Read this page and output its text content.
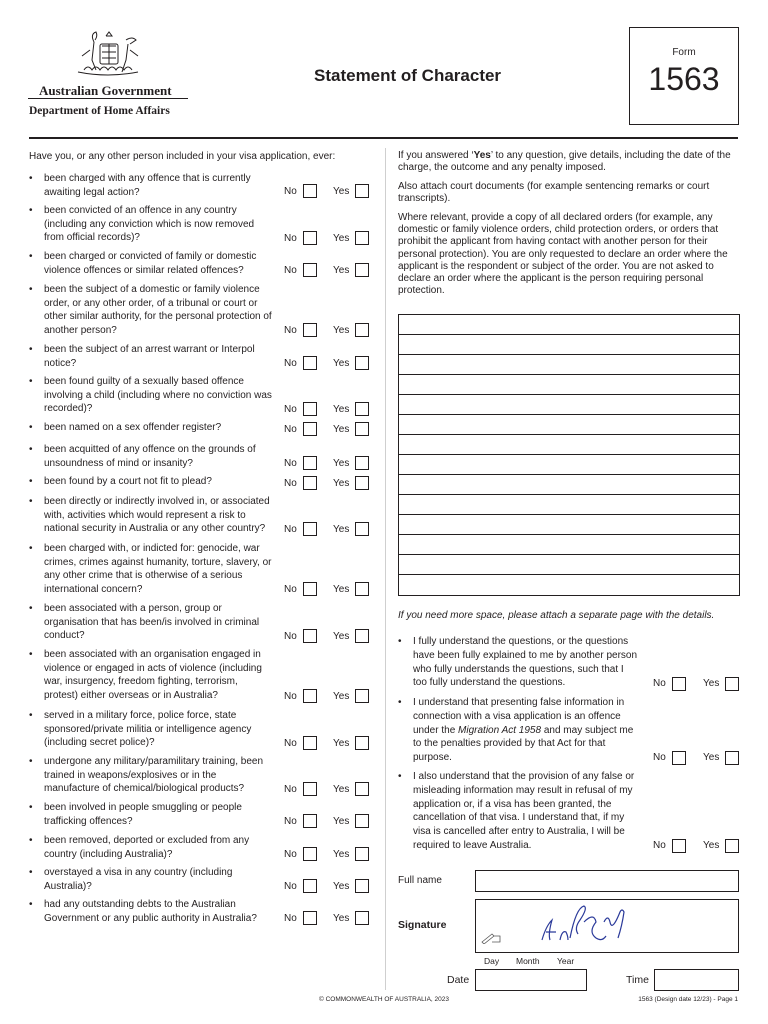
Australian Government
Department of Home Affairs
Statement of Character
Form
1563
Have you, or any other person included in your visa application, ever:
•	been charged with any offence that is currently awaiting legal action?	No	Yes
•	been convicted of an offence in any country (including any conviction which is now removed from official records)?	No	Yes
•	been charged or convicted of family or domestic violence offences or similar related offences?	No	Yes
•	been the subject of a domestic or family violence order, or any other order, of a tribunal or court or other similar authority, for the personal protection of another person?	No	Yes
•	been the subject of an arrest warrant or Interpol notice?	No	Yes
•	been found guilty of a sexually based offence involving a child (including where no conviction was recorded)?	No	Yes
•	been named on a sex offender register?	No	Yes
•	been acquitted of any offence on the grounds of unsoundness of mind or insanity?	No	Yes
•	been found by a court not fit to plead?	No	Yes
•	been directly or indirectly involved in, or associated with, activities which would represent a risk to national security in Australia or any other country?	No	Yes
•	been charged with, or indicted for: genocide, war crimes, crimes against humanity, torture, slavery, or any other crime that is otherwise of a serious international concern?	No	Yes
•	been associated with a person, group or organisation that has been/is involved in criminal conduct?	No	Yes
•	been associated with an organisation engaged in violence or engaged in acts of violence (including war, insurgency, freedom fighting, terrorism, protest) either overseas or in Australia?	No	Yes
•	served in a military force, police force, state sponsored/private militia or intelligence agency (including secret police)?	No	Yes
•	undergone any military/paramilitary training, been trained in weapons/explosives or in the manufacture of chemical/biological products?	No	Yes
•	been involved in people smuggling or people trafficking offences?	No	Yes
•	been removed, deported or excluded from any country (including Australia)?	No	Yes
•	overstayed a visa in any country (including Australia)?	No	Yes
•	had any outstanding debts to the Australian Government or any public authority in Australia?	No	Yes
If you answered ‘Yes’ to any question, give details, including the date of the charge, the outcome and any penalty imposed.
Also attach court documents (for example sentencing remarks or court transcripts).
Where relevant, provide a copy of all declared orders (for example, any domestic or family violence orders, child protection orders, or orders that prohibit the applicant from having contact with another person for their personal protection). You are only requested to declare an order where the applicant is the respondent or subject of the order. You are not asked to declare an order where the applicant is the person requiring personal protection.
If you need more space, please attach a separate page with the details.
•	I fully understand the questions, or the questions have been fully explained to me by another person who fully understands the questions, such that I too fully understand the questions.	No	Yes
•	I understand that presenting false information in connection with a visa application is an offence under the Migration Act 1958 and may subject me to the penalties provided by that Act for that purpose.	No	Yes
•	I also understand that the provision of any false or misleading information may result in refusal of my application or, if a visa has been granted, the cancellation of that visa. I understand that, if my visa is cancelled after entry to Australia, I will be required to leave Australia.	No	Yes
Full name
Signature
Day Month Year
Date	Time
© COMMONWEALTH OF AUSTRALIA, 2023	1563 (Design date 12/23) - Page 1
